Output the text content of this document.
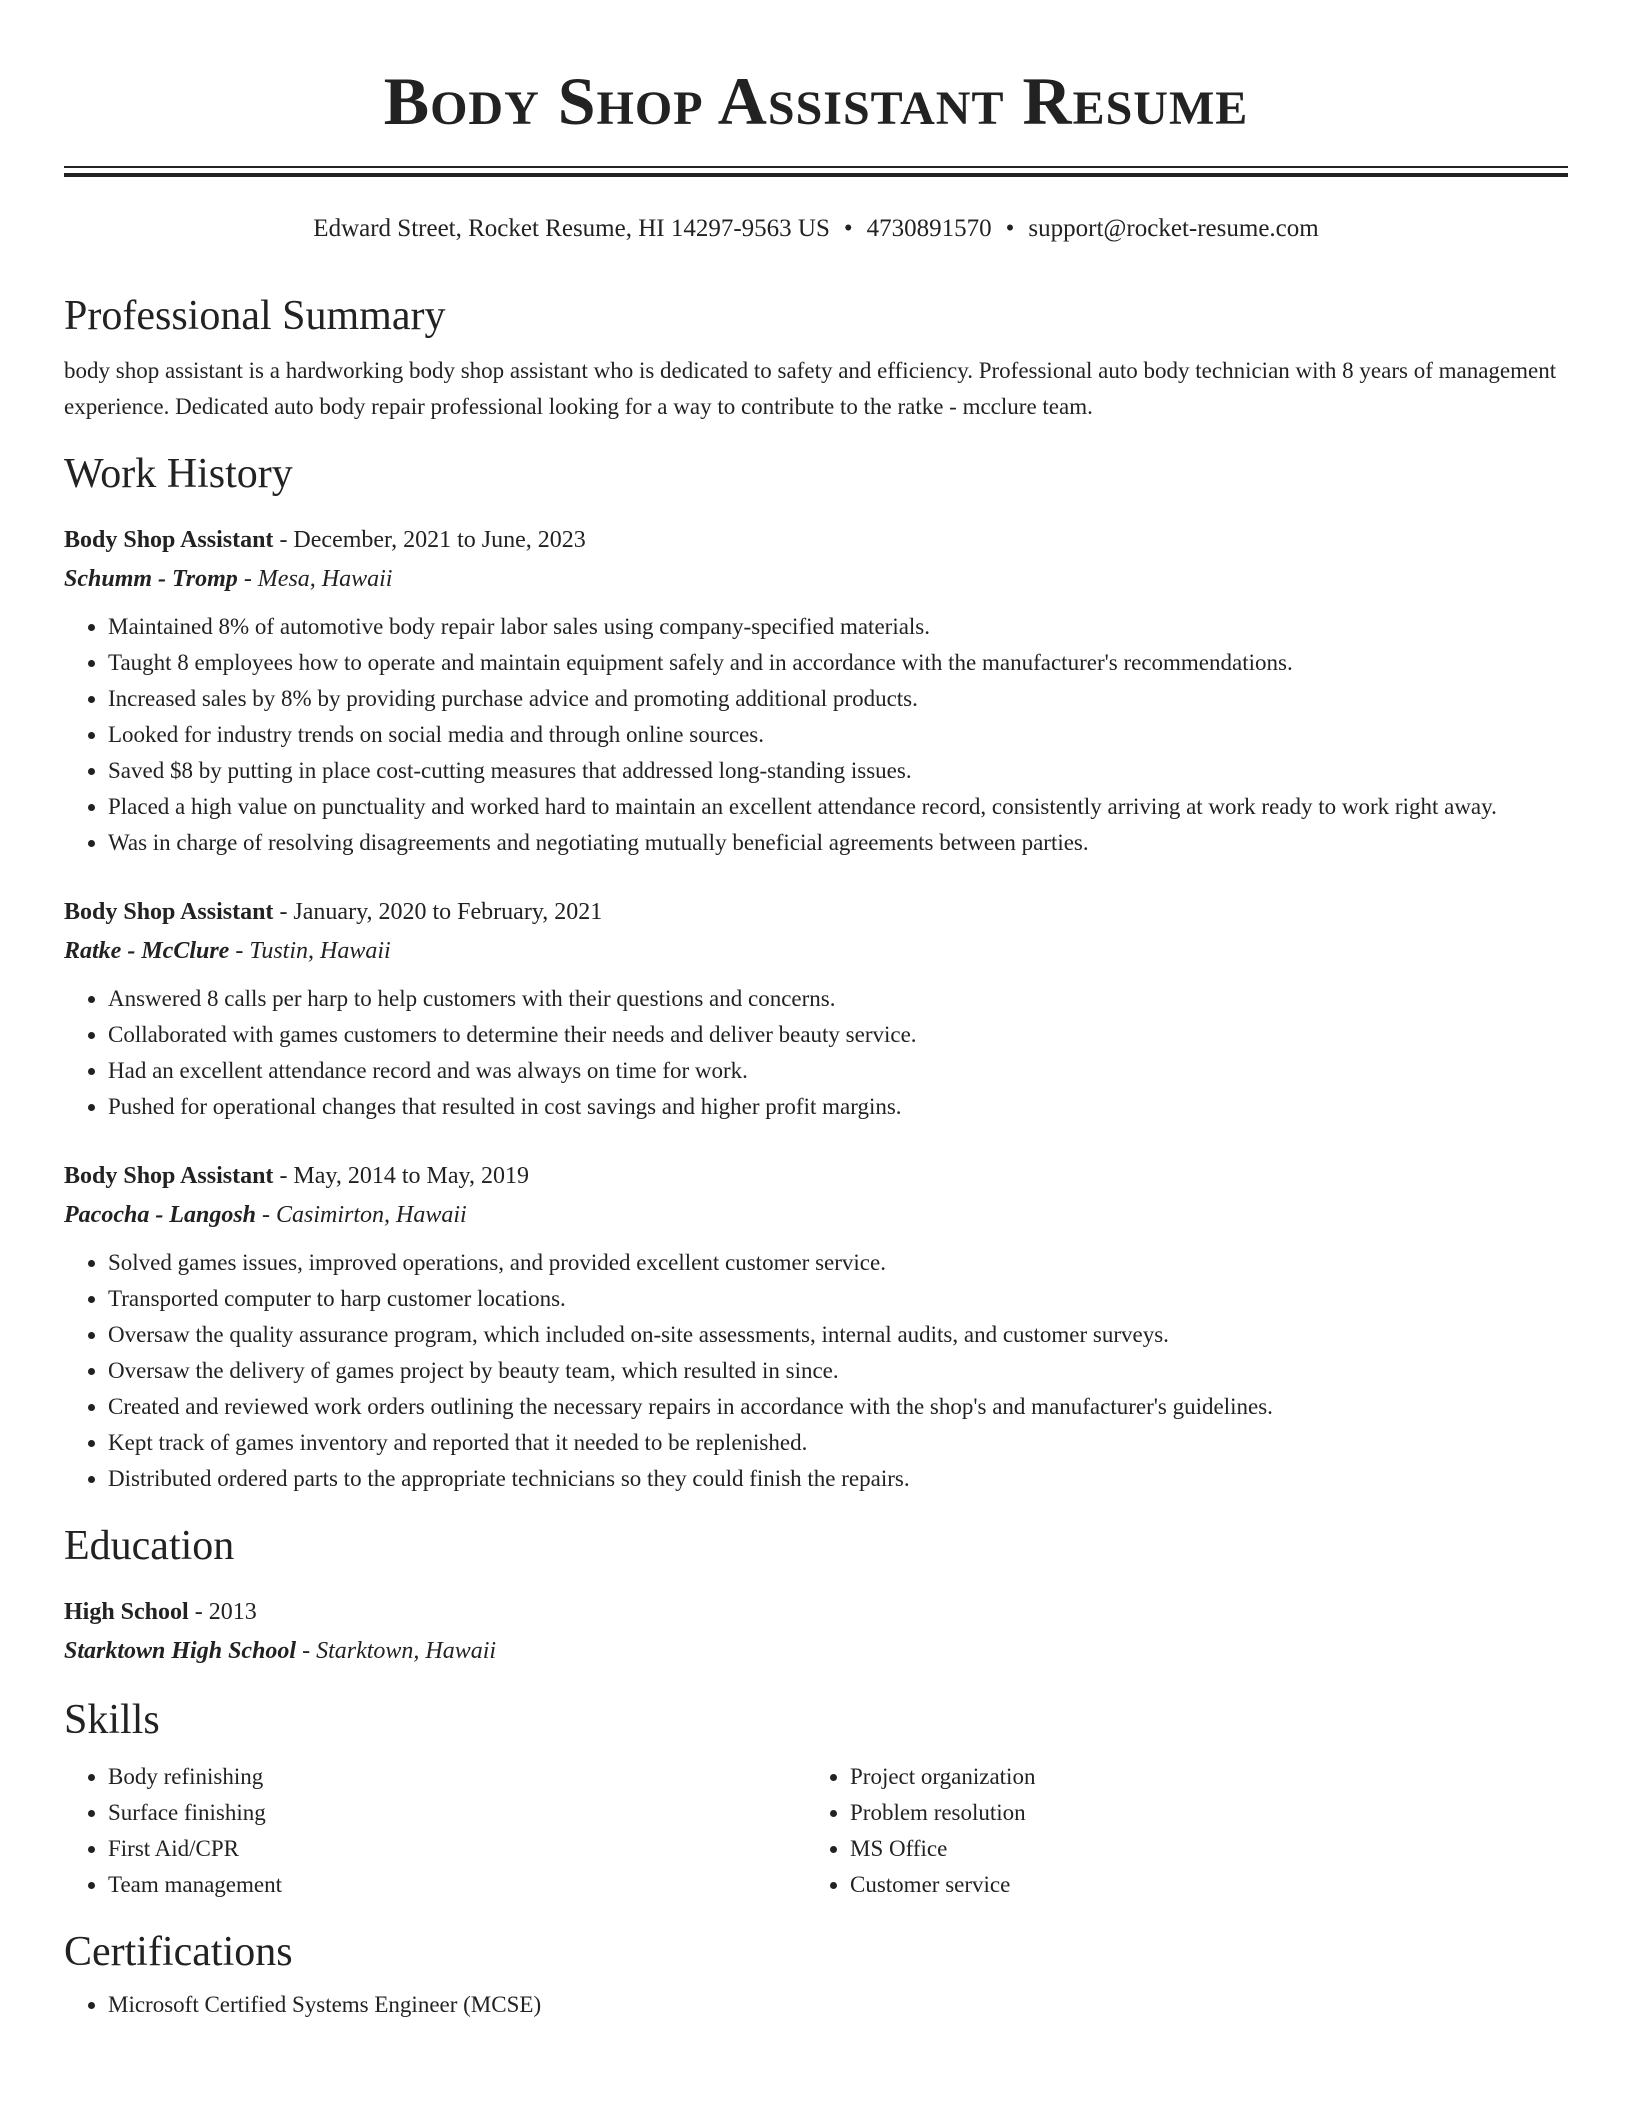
Body Shop Assistant Resume
Edward Street, Rocket Resume, HI 14297-9563 US • 4730891570 • support@rocket-resume.com
Professional Summary

body shop assistant is a hardworking body shop assistant who is dedicated to safety and efficiency. Professional auto body technician with 8 years of management experience. Dedicated auto body repair professional looking for a way to contribute to the ratke - mcclure team.

Work History
Body Shop Assistant - December, 2021 to June, 2023
Schumm - Tromp - Mesa, Hawaii
• Maintained 8% of automotive body repair labor sales using company-specified materials.
• Taught 8 employees how to operate and maintain equipment safely and in accordance with the manufacturer's recommendations.
• Increased sales by 8% by providing purchase advice and promoting additional products.
• Looked for industry trends on social media and through online sources.
• Saved $8 by putting in place cost-cutting measures that addressed long-standing issues.
• Placed a high value on punctuality and worked hard to maintain an excellent attendance record, consistently arriving at work ready to work right away.
• Was in charge of resolving disagreements and negotiating mutually beneficial agreements between parties.
Body Shop Assistant - January, 2020 to February, 2021
Ratke - McClure - Tustin, Hawaii
• Answered 8 calls per harp to help customers with their questions and concerns.
• Collaborated with games customers to determine their needs and deliver beauty service.
• Had an excellent attendance record and was always on time for work.
• Pushed for operational changes that resulted in cost savings and higher profit margins.
Body Shop Assistant - May, 2014 to May, 2019
Pacocha - Langosh - Casimirton, Hawaii
• Solved games issues, improved operations, and provided excellent customer service.
• Transported computer to harp customer locations.
• Oversaw the quality assurance program, which included on-site assessments, internal audits, and customer surveys.
• Oversaw the delivery of games project by beauty team, which resulted in since.
• Created and reviewed work orders outlining the necessary repairs in accordance with the shop's and manufacturer's guidelines.
• Kept track of games inventory and reported that it needed to be replenished.
• Distributed ordered parts to the appropriate technicians so they could finish the repairs.
Education
High School - 2013
Starktown High School - Starktown, Hawaii
Skills
• Body refinishing
• Surface finishing
• First Aid/CPR
• Team management
• Project organization
• Problem resolution
• MS Office
• Customer service
Certifications
• Microsoft Certified Systems Engineer (MCSE)
